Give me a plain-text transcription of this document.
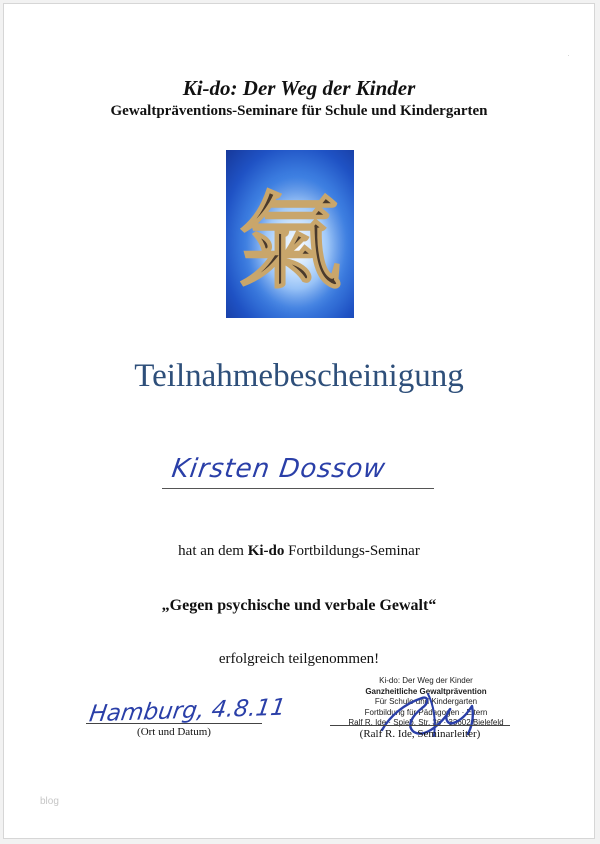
·
Ki-do: Der Weg der Kinder
Gewaltpräventions-Seminare für Schule und Kindergarten
氣
Teilnahmebescheinigung
Kirsten Dossow
hat an dem Ki-do Fortbildungs-Seminar
„Gegen psychische und verbale Gewalt“
erfolgreich teilgenommen!
Hamburg, 4.8.11
(Ort und Datum)
Ki-do: Der Weg der Kinder
Ganzheitliche Gewaltprävention
Für Schule und Kindergarten
Fortbildung für Pädagogen · Eltern
Ralf R. Ide · Spieb. Str. 36 · 33602 Bielefeld
(Ralf R. Ide, Seminarleiter)
blog
